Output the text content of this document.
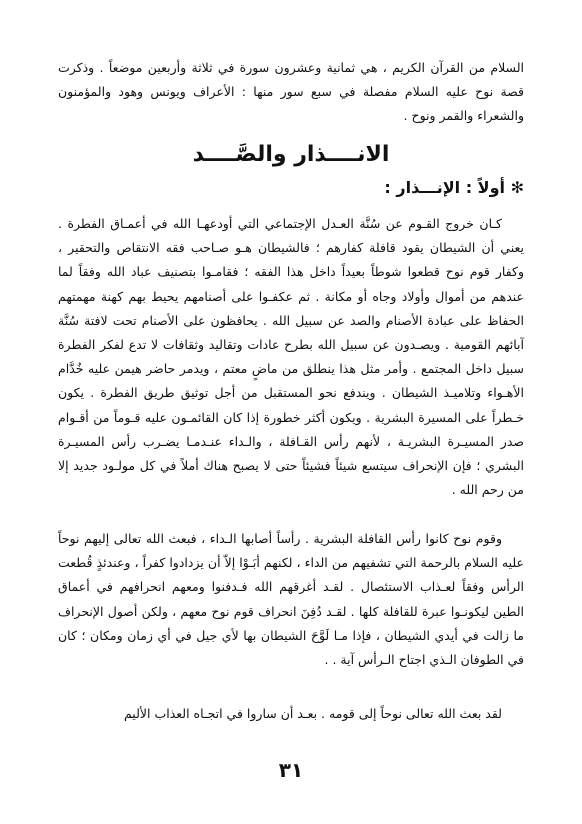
السلام من القرآن الكريم ، هي ثمانية وعشرون سورة في ثلاثة وأربعين موضعاً . وذكرت قصة نوح عليه السلام مفصلة في سبع سور منها : الأعراف ويونس وهود والمؤمنون والشعراء والقمر ونوح .
الانــــذار والصَّــــد
✻ أولاً : الإنـــذار :
كـان خروج القـوم عن سُنَّة العـدل الإجتماعي التي أودعهـا الله في أعمـاق الفطرة . يعني أن الشيطان يقود قافلة كفارهم ؛ فالشيطان هـو صـاحب فقه الانتقاص والتحقير ، وكفار قوم نوح قطعوا شوطاً بعيداً داخل هذا الفقه ؛ فقامـوا بتصنيف عباد الله وفقاً لما عندهم من أموال وأولاد وجاه أو مكانة . ثم عكفـوا على أصنامهم يحيط بهم كهنة مهمتهم الحفاظ على عبادة الأصنام والصد عن سبيل الله . يحافظون على الأصنام تحت لافتة سُنَّة آبائهم القومية . ويصـدون عن سبيل الله بطرح عادات وتقاليد وثقافات لا تدع لفكر الفطرة سبيل داخل المجتمع . وأمر مثل هذا ينطلق من ماضٍ معتم ، ويدمر حاضر هيمن عليه خُدَّام الأهـواء وتلاميـذ الشيطان . ويندفع نحو المستقبل من أجل توثيق طريق الفطرة . يكون خـطراً على المسيرة البشرية . ويكون أكثر خطورة إذا كان القائمـون عليه قـوماً من أقـوام صدر المسيـرة البشريـة ، لأنهم رأس القـافلة ، والـداء عنـدمـا يضـرب رأس المسيـرة البشري ؛ فإن الإنحراف سيتسع شيئاً فشيئاً حتى لا يصبح هناك أملاً في كل مولـود جديد إلا من رحم الله .
وقوم نوح كانوا رأس القافلة البشرية . رأساً أصابها الـداء ، فبعث الله تعالى إليهم نوحاً عليه السلام بالرحمة التي تشفيهم من الداء ، لكنهم أبَـوْا إلاّ أن يزدادوا كفراً ، وعندئذٍ قُطعت الرأس وفقاً لعـذاب الاستئصال . لقـد أغرقهم الله فـدفنوا ومعهم انحرافهم في أعماق الطين ليكونـوا عبرة للقافلة كلها . لقـد دُفِنَ انحراف قوم نوح معهم ، ولكن أصول الإنحراف ما زالت في أيدي الشيطان ، فإذا مـا لَوَّحَ الشيطان بها لأي جيل في أي زمان ومكان ؛ كان في الطوفان الـذي اجتاح الـرأس آية . .
لقد بعث الله تعالى نوحاً إلى قومه . بعـد أن ساروا في اتجـاه العذاب الأليم
٣١
